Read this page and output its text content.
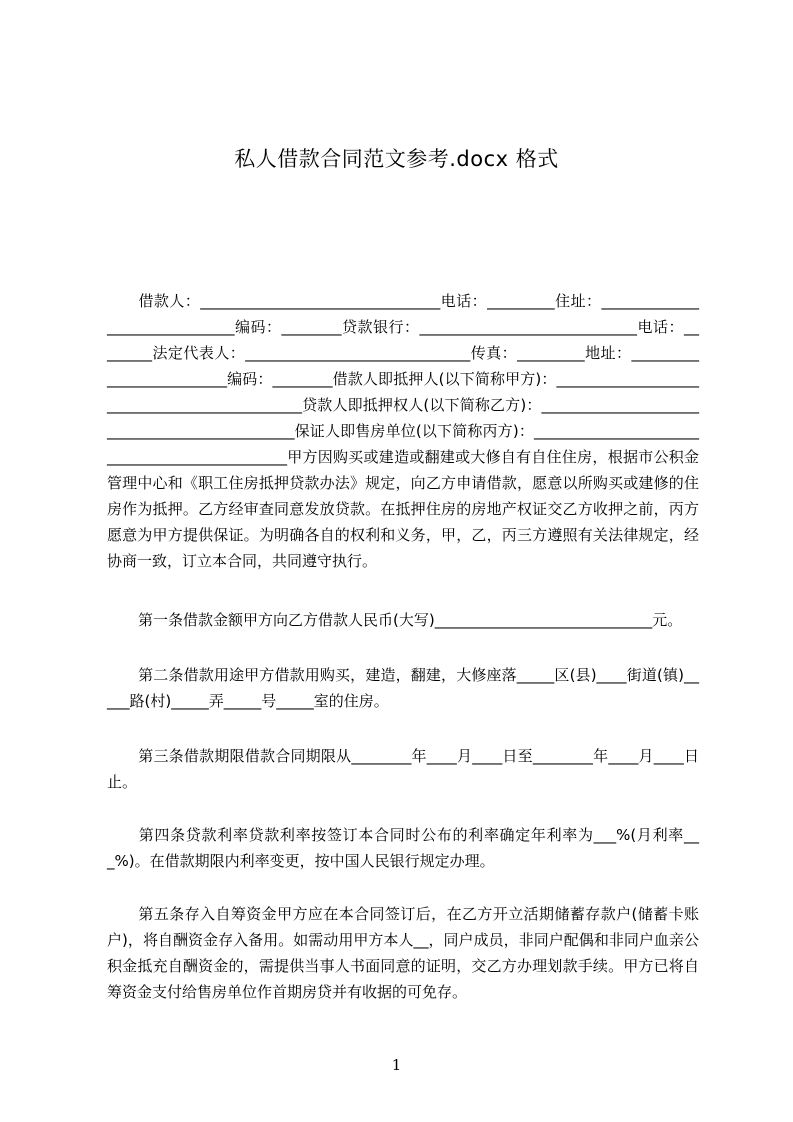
私人借款合同范文参考.docx 格式
借款人：________________________________电话：_________住址：______________________________编码：________贷款银行：_____________________________电话：________法定代表人：______________________________传真：_________地址：_________________________编码：________借款人即抵押人(以下简称甲方)：_____________________________________________贷款人即抵押权人(以下简称乙方)：______________________________________________保证人即售房单位(以下简称丙方)：______________________________________________甲方因购买或建造或翻建或大修自有自住住房，根据市公积金管理中心和《职工住房抵押贷款办法》规定，向乙方申请借款，愿意以所购买或建修的住房作为抵押。乙方经审查同意发放贷款。在抵押住房的房地产权证交乙方收押之前，丙方愿意为甲方提供保证。为明确各自的权利和义务，甲，乙，丙三方遵照有关法律规定，经协商一致，订立本合同，共同遵守执行。
第一条借款金额甲方向乙方借款人民币(大写)_____________________________元。
第二条借款用途甲方借款用购买，建造，翻建，大修座落_____区(县)____街道(镇)_____路(村)_____弄_____号_____室的住房。
第三条借款期限借款合同期限从________年____月____日至________年____月____日止。
第四条贷款利率贷款利率按签订本合同时公布的利率确定年利率为___%(月利率___%)。在借款期限内利率变更，按中国人民银行规定办理。
第五条存入自筹资金甲方应在本合同签订后，在乙方开立活期储蓄存款户(储蓄卡账户)，将自酬资金存入备用。如需动用甲方本人__，同户成员，非同户配偶和非同户血亲公积金抵充自酬资金的，需提供当事人书面同意的证明，交乙方办理划款手续。甲方已将自筹资金支付给售房单位作首期房贷并有收据的可免存。
1
